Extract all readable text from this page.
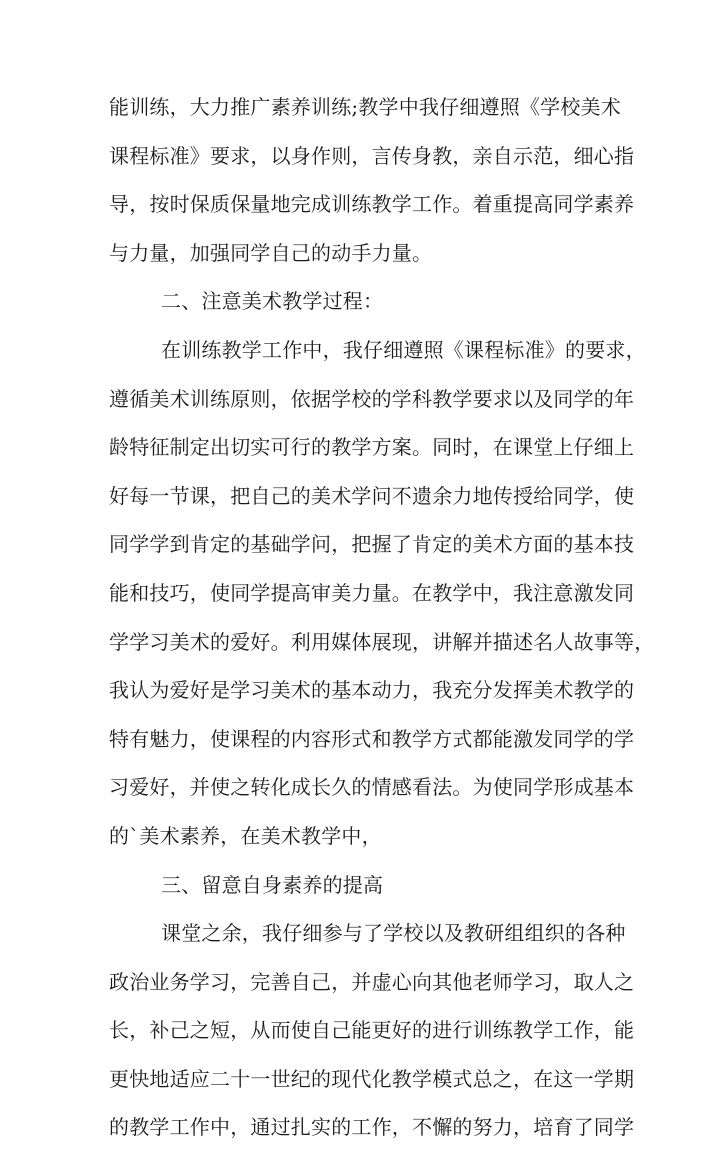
能训练，大力推广素养训练;教学中我仔细遵照《学校美术
课程标准》要求，以身作则，言传身教，亲自示范，细心指
导，按时保质保量地完成训练教学工作。着重提高同学素养
与力量，加强同学自己的动手力量。
二、注意美术教学过程：
在训练教学工作中，我仔细遵照《课程标准》的要求，
遵循美术训练原则，依据学校的学科教学要求以及同学的年
龄特征制定出切实可行的教学方案。同时，在课堂上仔细上
好每一节课，把自己的美术学问不遗余力地传授给同学，使
同学学到肯定的基础学问，把握了肯定的美术方面的基本技
能和技巧，使同学提高审美力量。在教学中，我注意激发同
学学习美术的爱好。利用媒体展现，讲解并描述名人故事等，
我认为爱好是学习美术的基本动力，我充分发挥美术教学的
特有魅力，使课程的内容形式和教学方式都能激发同学的学
习爱好，并使之转化成长久的情感看法。为使同学形成基本
的`美术素养，在美术教学中，
三、留意自身素养的提高
课堂之余，我仔细参与了学校以及教研组组织的各种
政治业务学习，完善自己，并虚心向其他老师学习，取人之
长，补己之短，从而使自己能更好的进行训练教学工作，能
更快地适应二十一世纪的现代化教学模式总之，在这一学期
的教学工作中，通过扎实的工作，不懈的努力，培育了同学
